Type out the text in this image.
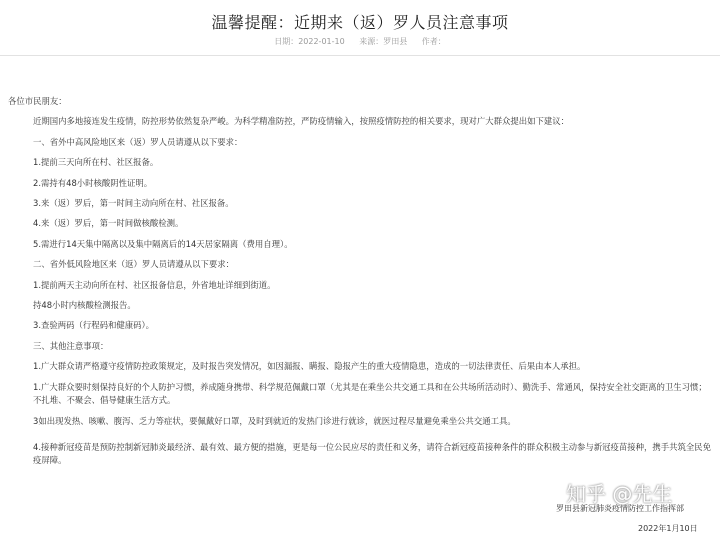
温馨提醒：近期来（返）罗人员注意事项
日期：2022-01-10 来源：罗田县 作者：

各位市民朋友：

近期国内多地接连发生疫情，防控形势依然复杂严峻。为科学精准防控，严防疫情输入，按照疫情防控的相关要求，现对广大群众提出如下建议：

一、省外中高风险地区来（返）罗人员请遵从以下要求：

1.提前三天向所在村、社区报备。

2.需持有48小时核酸阴性证明。

3.来（返）罗后，第一时间主动向所在村、社区报备。

4.来（返）罗后，第一时间做核酸检测。

5.需进行14天集中隔离以及集中隔离后的14天居家隔离（费用自理）。

二、省外低风险地区来（返）罗人员请遵从以下要求：

1.提前两天主动向所在村、社区报备信息，外省地址详细到街道。

持48小时内核酸检测报告。

3.查验两码（行程码和健康码）。

三、其他注意事项：

1.广大群众请严格遵守疫情防控政策规定，及时报告突发情况，如因漏报、瞒报、隐报产生的重大疫情隐患，造成的一切法律责任、后果由本人承担。

1.广大群众要时刻保持良好的个人防护习惯，养成随身携带、科学规范佩戴口罩（尤其是在乘坐公共交通工具和在公共场所活动时）、勤洗手、常通风，保持安全社交距离的卫生习惯；不扎堆、不聚会、倡导健康生活方式。

3如出现发热、咳嗽、腹泻、乏力等症状，要佩戴好口罩，及时到就近的发热门诊进行就诊，就医过程尽量避免乘坐公共交通工具。

4.接种新冠疫苗是预防控制新冠肺炎最经济、最有效、最方便的措施，更是每一位公民应尽的责任和义务，请符合新冠疫苗接种条件的群众积极主动参与新冠疫苗接种，携手共筑全民免疫屏障。

罗田县新冠肺炎疫情防控工作指挥部
2022年1月10日
知乎 @先生
